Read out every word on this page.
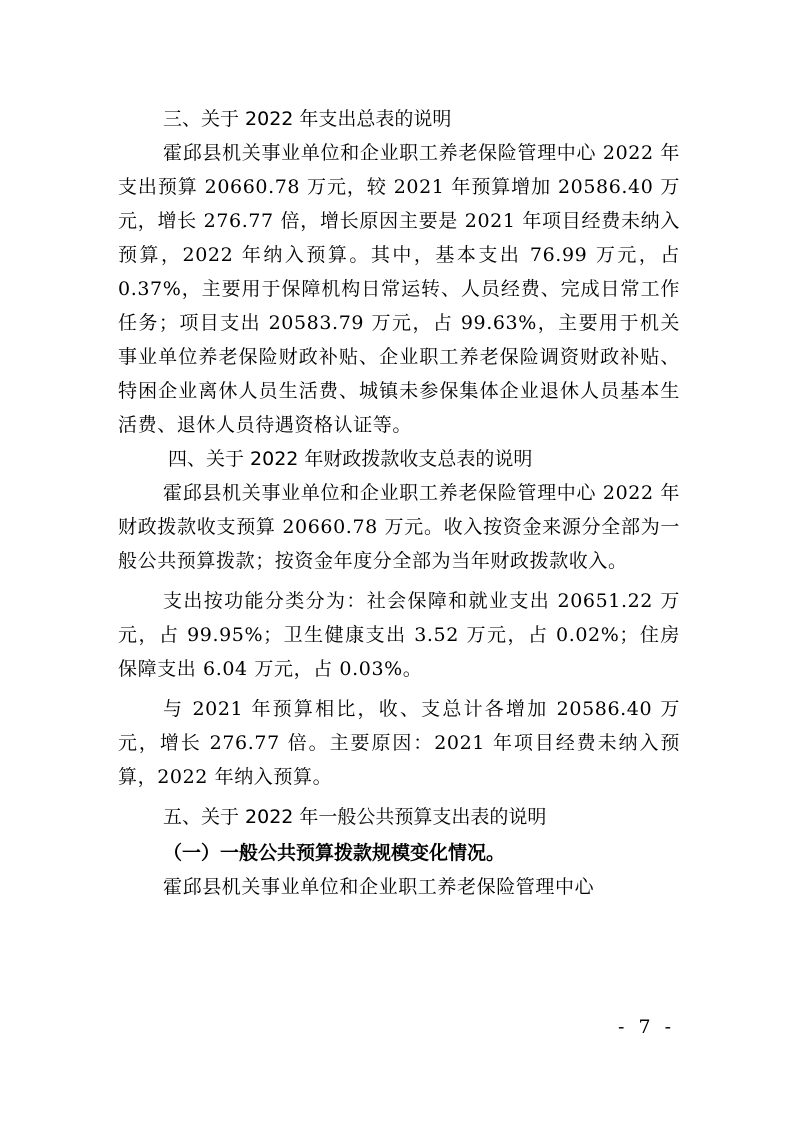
三、关于 2022 年支出总表的说明

霍邱县机关事业单位和企业职工养老保险管理中心 2022 年支出预算 20660.78 万元，较 2021 年预算增加 20586.40 万元，增长 276.77 倍，增长原因主要是 2021 年项目经费未纳入预算，2022 年纳入预算。其中，基本支出 76.99 万元，占 0.37%，主要用于保障机构日常运转、人员经费、完成日常工作任务；项目支出 20583.79 万元，占 99.63%，主要用于机关事业单位养老保险财政补贴、企业职工养老保险调资财政补贴、特困企业离休人员生活费、城镇未参保集体企业退休人员基本生活费、退休人员待遇资格认证等。

四、关于 2022 年财政拨款收支总表的说明

霍邱县机关事业单位和企业职工养老保险管理中心 2022 年财政拨款收支预算 20660.78 万元。收入按资金来源分全部为一般公共预算拨款；按资金年度分全部为当年财政拨款收入。

支出按功能分类分为：社会保障和就业支出 20651.22 万元，占 99.95%；卫生健康支出 3.52 万元，占 0.02%；住房保障支出 6.04 万元，占 0.03%。

与 2021 年预算相比，收、支总计各增加 20586.40 万元，增长 276.77 倍。主要原因：2021 年项目经费未纳入预算，2022 年纳入预算。

五、关于 2022 年一般公共预算支出表的说明
（一）一般公共预算拨款规模变化情况。

霍邱县机关事业单位和企业职工养老保险管理中心

- 7 -
